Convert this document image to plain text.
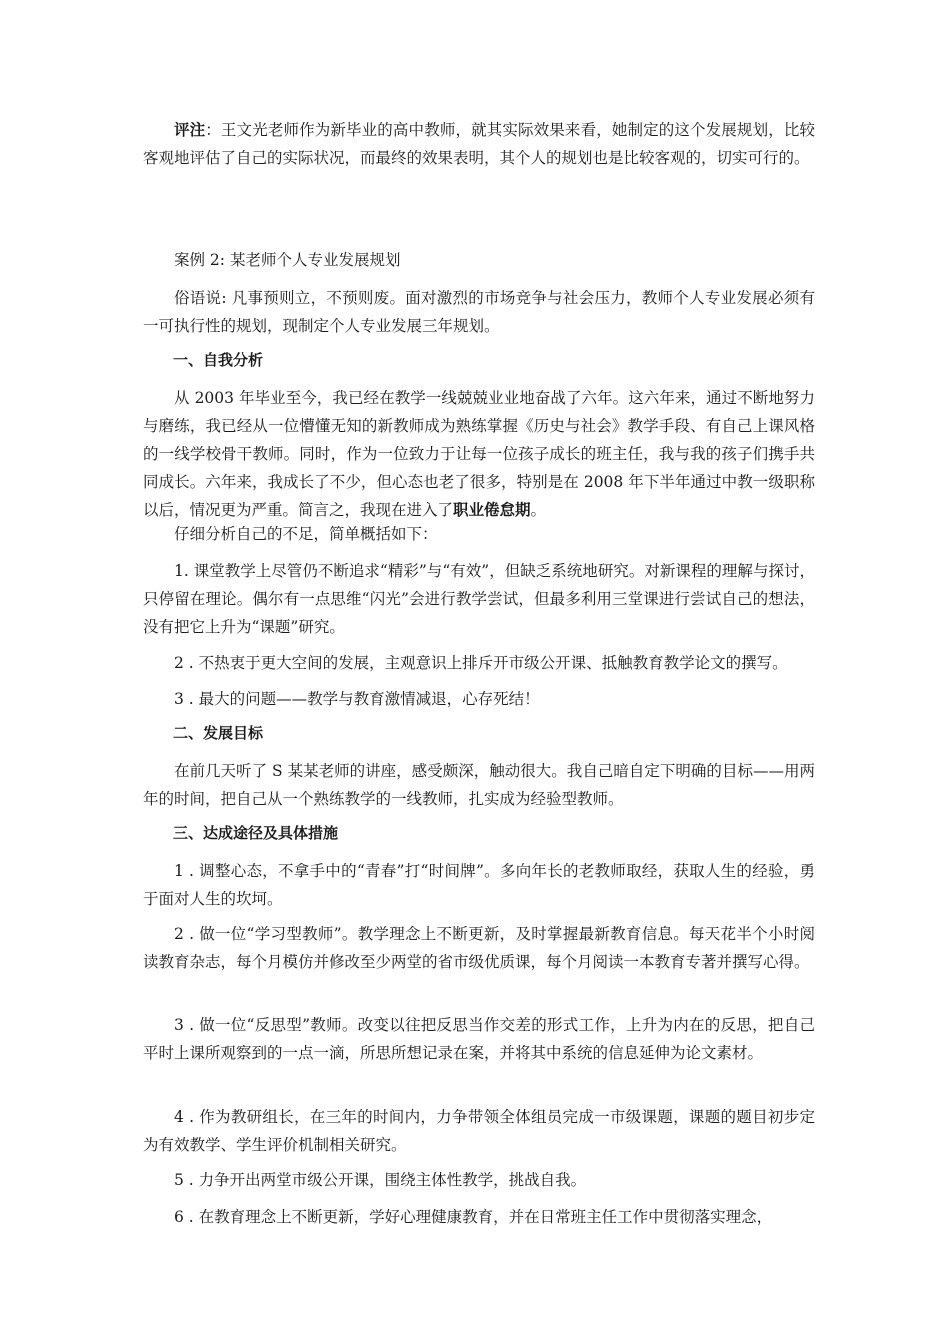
评注：王文光老师作为新毕业的高中教师，就其实际效果来看，她制定的这个发展规划，比较客观地评估了自己的实际状况，而最终的效果表明，其个人的规划也是比较客观的，切实可行的。

案例 2: 某老师个人专业发展规划

俗语说: 凡事预则立，不预则废。面对激烈的市场竞争与社会压力，教师个人专业发展必须有一可执行性的规划，现制定个人专业发展三年规划。

一、自我分析

从 2003 年毕业至今，我已经在教学一线兢兢业业地奋战了六年。这六年来，通过不断地努力与磨练，我已经从一位懵懂无知的新教师成为熟练掌握《历史与社会》教学手段、有自己上课风格的一线学校骨干教师。同时，作为一位致力于让每一位孩子成长的班主任，我与我的孩子们携手共同成长。六年来，我成长了不少，但心态也老了很多，特别是在 2008 年下半年通过中教一级职称以后，情况更为严重。简言之，我现在进入了职业倦怠期。

仔细分析自己的不足，简单概括如下：

1. 课堂教学上尽管仍不断追求“精彩”与“有效”，但缺乏系统地研究。对新课程的理解与探讨，只停留在理论。偶尔有一点思维“闪光”会进行教学尝试，但最多利用三堂课进行尝试自己的想法，没有把它上升为“课题”研究。

2 . 不热衷于更大空间的发展，主观意识上排斥开市级公开课、抵触教育教学论文的撰写。

3 . 最大的问题——教学与教育激情减退，心存死结！

二、发展目标

在前几天听了 S 某某老师的讲座，感受颇深，触动很大。我自己暗自定下明确的目标——用两年的时间，把自己从一个熟练教学的一线教师，扎实成为经验型教师。

三、达成途径及具体措施

1 . 调整心态，不拿手中的“青春”打“时间牌”。多向年长的老教师取经，获取人生的经验，勇于面对人生的坎坷。

2 . 做一位“学习型教师”。教学理念上不断更新，及时掌握最新教育信息。每天花半个小时阅读教育杂志，每个月模仿并修改至少两堂的省市级优质课，每个月阅读一本教育专著并撰写心得。

3 . 做一位“反思型”教师。改变以往把反思当作交差的形式工作，上升为内在的反思，把自己平时上课所观察到的一点一滴，所思所想记录在案，并将其中系统的信息延伸为论文素材。

4 . 作为教研组长，在三年的时间内，力争带领全体组员完成一市级课题，课题的题目初步定为有效教学、学生评价机制相关研究。

5 . 力争开出两堂市级公开课，围绕主体性教学，挑战自我。

6 . 在教育理念上不断更新，学好心理健康教育，并在日常班主任工作中贯彻落实理念，
